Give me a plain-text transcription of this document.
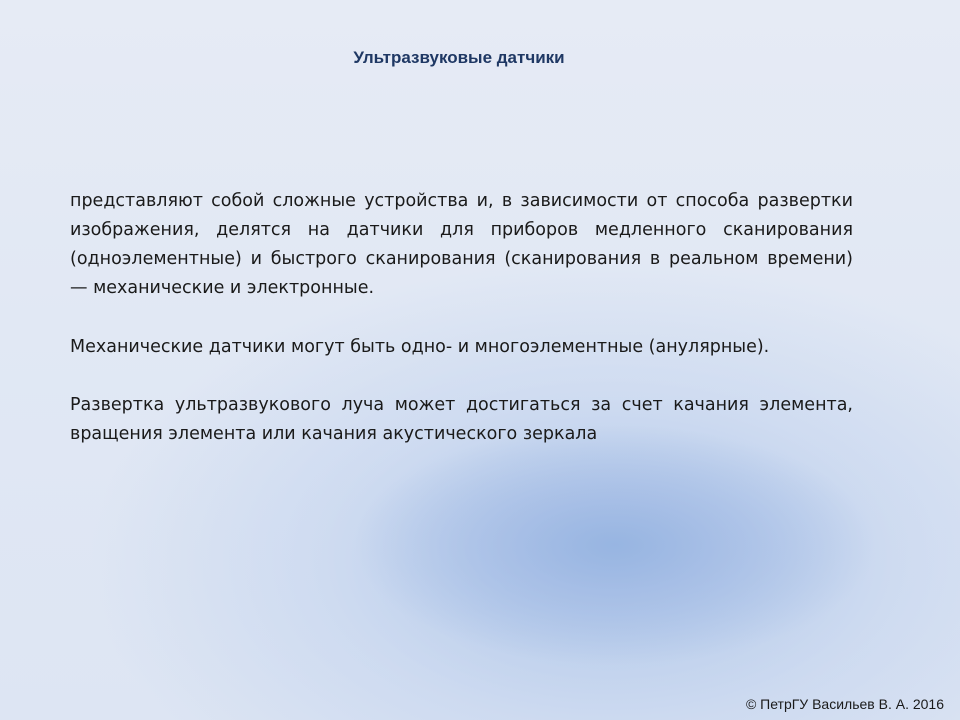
Ультразвуковые датчики
представляют собой сложные устройства и, в зависимости от способа развертки изображения, делятся на датчики для приборов медленного сканирования (одноэлементные) и быстрого сканирования (сканирования в реальном времени) — механические и электронные.
Механические датчики могут быть одно- и многоэлементные (анулярные).
Развертка ультразвукового луча может достигаться за счет качания элемента, вращения элемента или качания акустического зеркала
© ПетрГУ Васильев В. А. 2016
